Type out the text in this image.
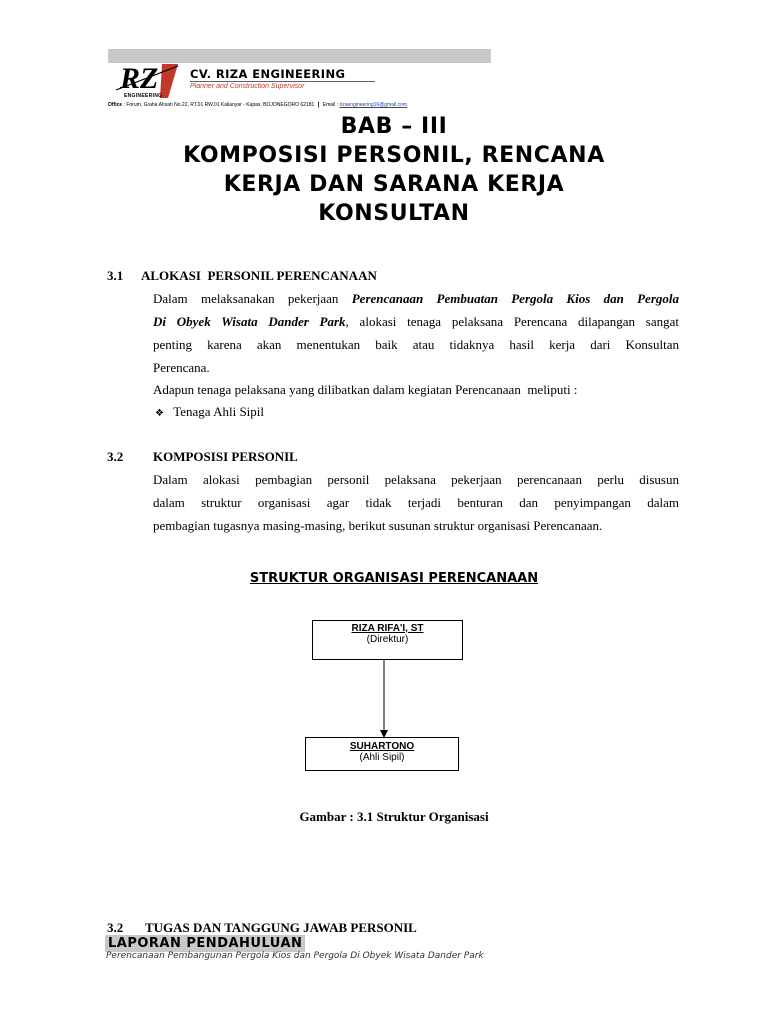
RZ
ENGINEERING
CV. RIZA ENGINEERING
Planner and Construction Supervisor
Office : Forum, Graha Ahsah No.22, RT.01 RW.01 Kalianyar - Kapas, BOJONEGORO 62181 | Email : rizaengineering16@gmail.com
BAB – III
KOMPOSISI PERSONIL, RENCANA
KERJA DAN SARANA KERJA
KONSULTAN
3.1 ALOKASI  PERSONIL PERENCANAAN
Dalam melaksanakan pekerjaan Perencanaan Pembuatan Pergola Kios dan Pergola
Di Obyek Wisata Dander Park, alokasi tenaga pelaksana Perencana dilapangan sangat
penting karena akan menentukan baik atau tidaknya hasil kerja dari Konsultan
Perencana.
Adapun tenaga pelaksana yang dilibatkan dalam kegiatan Perencanaan  meliputi :
❖ Tenaga Ahli Sipil
3.2 KOMPOSISI PERSONIL
Dalam alokasi pembagian personil pelaksana pekerjaan perencanaan perlu disusun
dalam struktur organisasi agar tidak terjadi benturan dan penyimpangan dalam
pembagian tugasnya masing-masing, berikut susunan struktur organisasi Perencanaan.
STRUKTUR ORGANISASI PERENCANAAN
RIZA RIFA'I, ST
(Direktur)
SUHARTONO
(Ahli Sipil)
Gambar : 3.1 Struktur Organisasi
3.2 TUGAS DAN TANGGUNG JAWAB PERSONIL
LAPORAN PENDAHULUAN
Perencanaan Pembangunan Pergola Kios dan Pergola Di Obyek Wisata Dander Park
